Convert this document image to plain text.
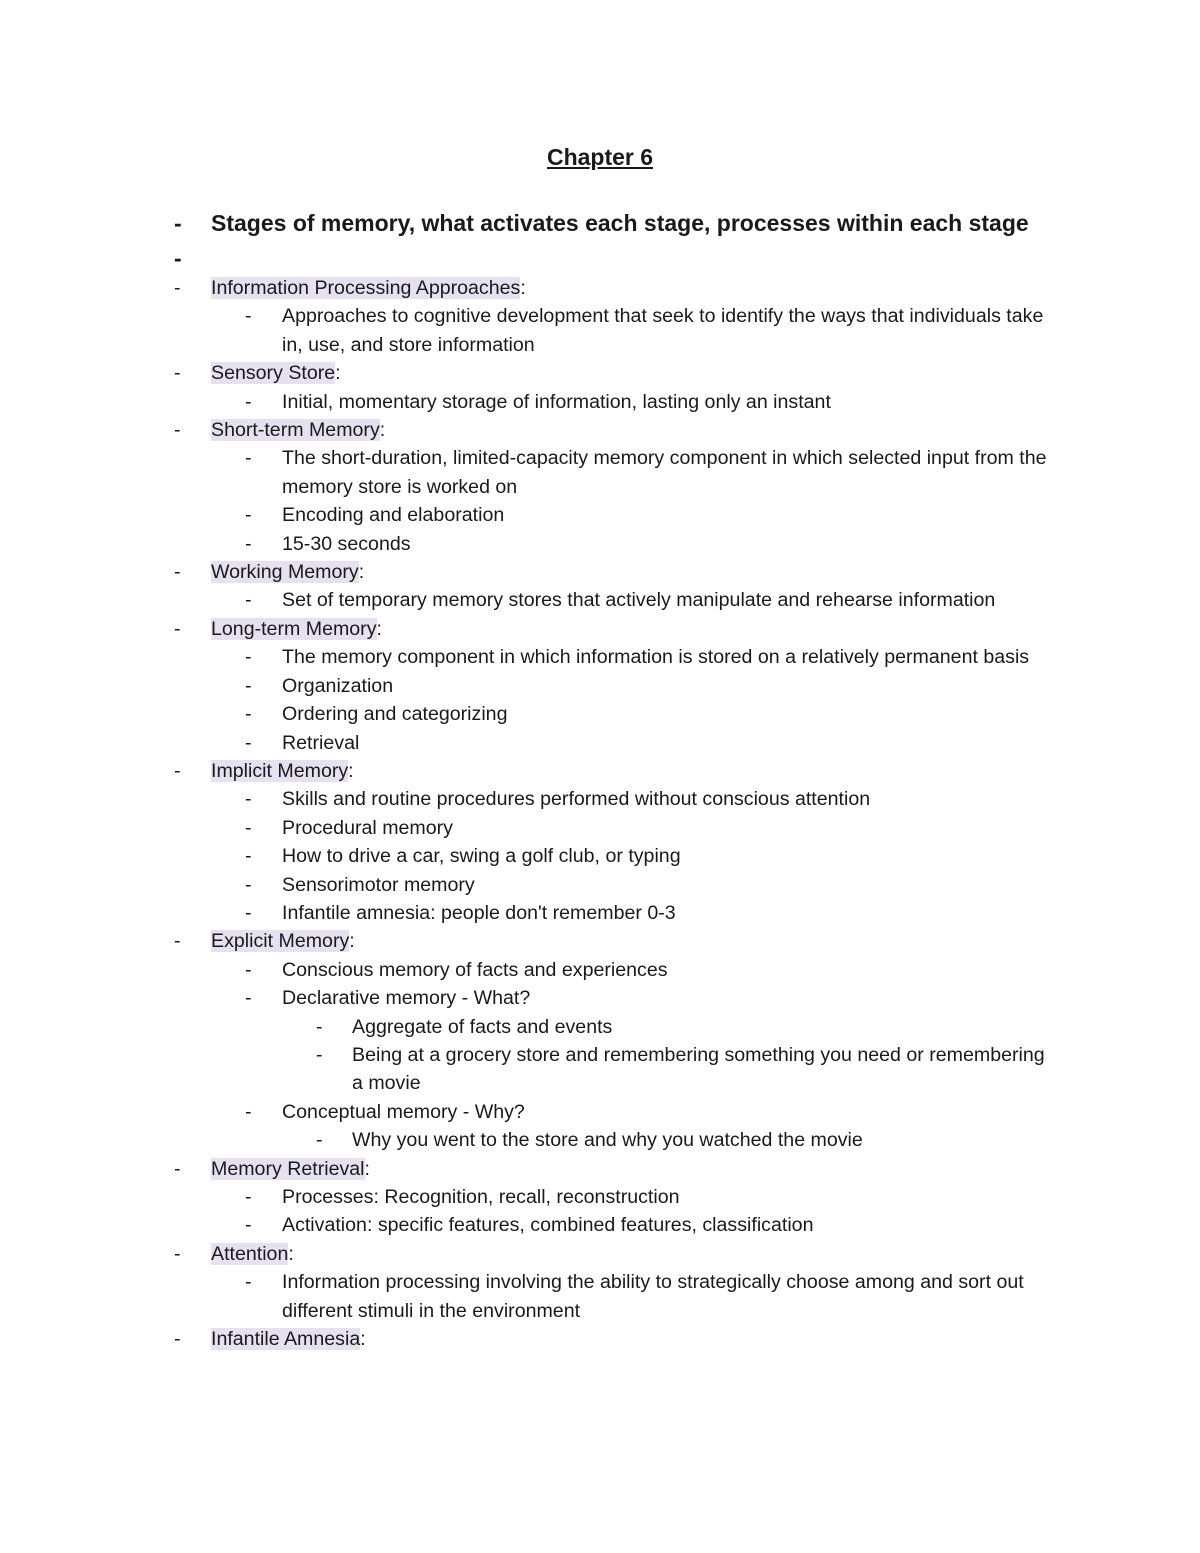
Chapter 6
-	Stages of memory, what activates each stage, processes within each stage
-
-	Information Processing Approaches:
-	Approaches to cognitive development that seek to identify the ways that individuals take in, use, and store information
-	Sensory Store:
-	Initial, momentary storage of information, lasting only an instant
-	Short-term Memory:
-	The short-duration, limited-capacity memory component in which selected input from the memory store is worked on
-	Encoding and elaboration
-	15-30 seconds
-	Working Memory:
-	Set of temporary memory stores that actively manipulate and rehearse information
-	Long-term Memory:
-	The memory component in which information is stored on a relatively permanent basis
-	Organization
-	Ordering and categorizing
-	Retrieval
-	Implicit Memory:
-	Skills and routine procedures performed without conscious attention
-	Procedural memory
-	How to drive a car, swing a golf club, or typing
-	Sensorimotor memory
-	Infantile amnesia: people don't remember 0-3
-	Explicit Memory:
-	Conscious memory of facts and experiences
-	Declarative memory - What?
-	Aggregate of facts and events
-	Being at a grocery store and remembering something you need or remembering a movie
-	Conceptual memory - Why?
-	Why you went to the store and why you watched the movie
-	Memory Retrieval:
-	Processes: Recognition, recall, reconstruction
-	Activation: specific features, combined features, classification
-	Attention:
-	Information processing involving the ability to strategically choose among and sort out different stimuli in the environment
-	Infantile Amnesia:
